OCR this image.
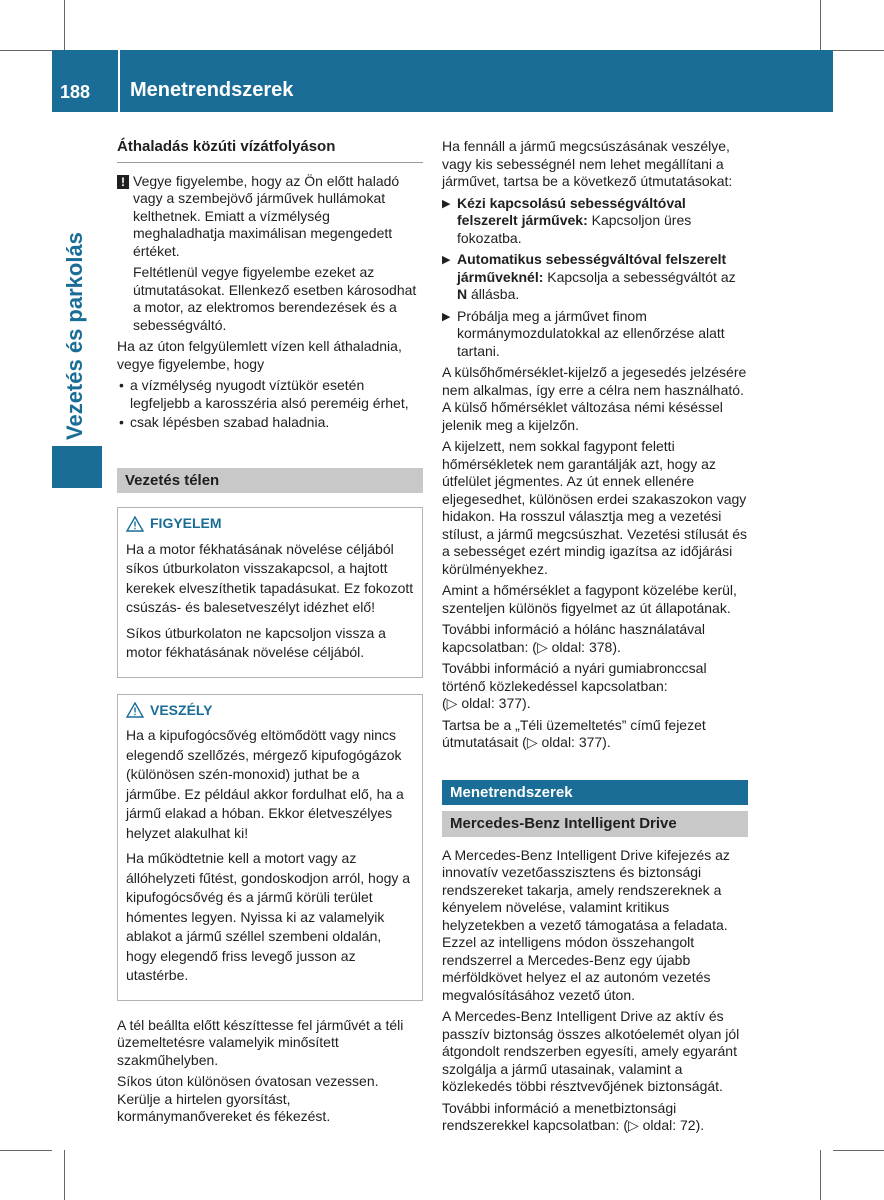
188	Menetrendszerek
Vezetés és parkolás
Áthaladás közúti vízátfolyáson
! Vegye figyelembe, hogy az Ön előtt haladó vagy a szembejövő járművek hullámokat kelthetnek. Emiatt a vízmélység meghaladhatja maximálisan megengedett értéket.

Feltétlenül vegye figyelembe ezeket az útmutatásokat. Ellenkező esetben károsodhat a motor, az elektromos berendezések és a sebességváltó.

Ha az úton felgyülemlett vízen kell áthaladnia, vegye figyelembe, hogy

• a vízmélység nyugodt víztükör esetén legfeljebb a karosszéria alsó pereméig érhet,
• csak lépésben szabad haladnia.
Vezetés télen
FIGYELEM

Ha a motor fékhatásának növelése céljából síkos útburkolaton visszakapcsol, a hajtott kerekek elveszíthetik tapadásukat. Ez fokozott csúszás- és balesetveszélyt idézhet elő!

Síkos útburkolaton ne kapcsoljon vissza a motor fékhatásának növelése céljából.

VESZÉLY

Ha a kipufogócsővég eltömődött vagy nincs elegendő szellőzés, mérgező kipufogógázok (különösen szén-monoxid) juthat be a járműbe. Ez például akkor fordulhat elő, ha a jármű elakad a hóban. Ekkor életveszélyes helyzet alakulhat ki!

Ha működtetnie kell a motort vagy az állóhelyzeti fűtést, gondoskodjon arról, hogy a kipufogócsővég és a jármű körüli terület hómentes legyen. Nyissa ki az valamelyik ablakot a jármű széllel szembeni oldalán, hogy elegendő friss levegő jusson az utastérbe.

A tél beállta előtt készíttesse fel járművét a téli üzemeltetésre valamelyik minősített szakműhelyben.

Síkos úton különösen óvatosan vezessen. Kerülje a hirtelen gyorsítást, kormánymanővereket és fékezést.

Ha fennáll a jármű megcsúszásának veszélye, vagy kis sebességnél nem lehet megállítani a járművet, tartsa be a következő útmutatásokat:

▶ Kézi kapcsolású sebességváltóval felszerelt járművek: Kapcsoljon üres fokozatba.
▶ Automatikus sebességváltóval felszerelt járműveknél: Kapcsolja a sebességváltót az N állásba.
▶ Próbálja meg a járművet finom kormánymozdulatokkal az ellenőrzése alatt tartani.

A külsőhőmérséklet-kijelző a jegesedés jelzésére nem alkalmas, így erre a célra nem használható. A külső hőmérséklet változása némi késéssel jelenik meg a kijelzőn.

A kijelzett, nem sokkal fagypont feletti hőmérsékletek nem garantálják azt, hogy az útfelület jégmentes. Az út ennek ellenére eljegesedhet, különösen erdei szakaszokon vagy hidakon. Ha rosszul választja meg a vezetési stílust, a jármű megcsúszhat. Vezetési stílusát és a sebességet ezért mindig igazítsa az időjárási körülményekhez.

Amint a hőmérséklet a fagypont közelébe kerül, szenteljen különös figyelmet az út állapotának.

További információ a hólánc használatával kapcsolatban: (▷ oldal: 378).

További információ a nyári gumiabronccsal történő közlekedéssel kapcsolatban:

(▷ oldal: 377).

Tartsa be a „Téli üzemeltetés” című fejezet útmutatásait (▷ oldal: 377).

Menetrendszerek
Mercedes-Benz Intelligent Drive

A Mercedes-Benz Intelligent Drive kifejezés az innovatív vezetőasszisztens és biztonsági rendszereket takarja, amely rendszereknek a kényelem növelése, valamint kritikus helyzetekben a vezető támogatása a feladata. Ezzel az intelligens módon összehangolt rendszerrel a Mercedes-Benz egy újabb mérföldkövet helyez el az autonóm vezetés megvalósításához vezető úton.

A Mercedes-Benz Intelligent Drive az aktív és passzív biztonság összes alkotóelemét olyan jól átgondolt rendszerben egyesíti, amely egyaránt szolgálja a jármű utasainak, valamint a közlekedés többi résztvevőjének biztonságát.

További információ a menetbiztonsági rendszerekkel kapcsolatban: (▷ oldal: 72).
